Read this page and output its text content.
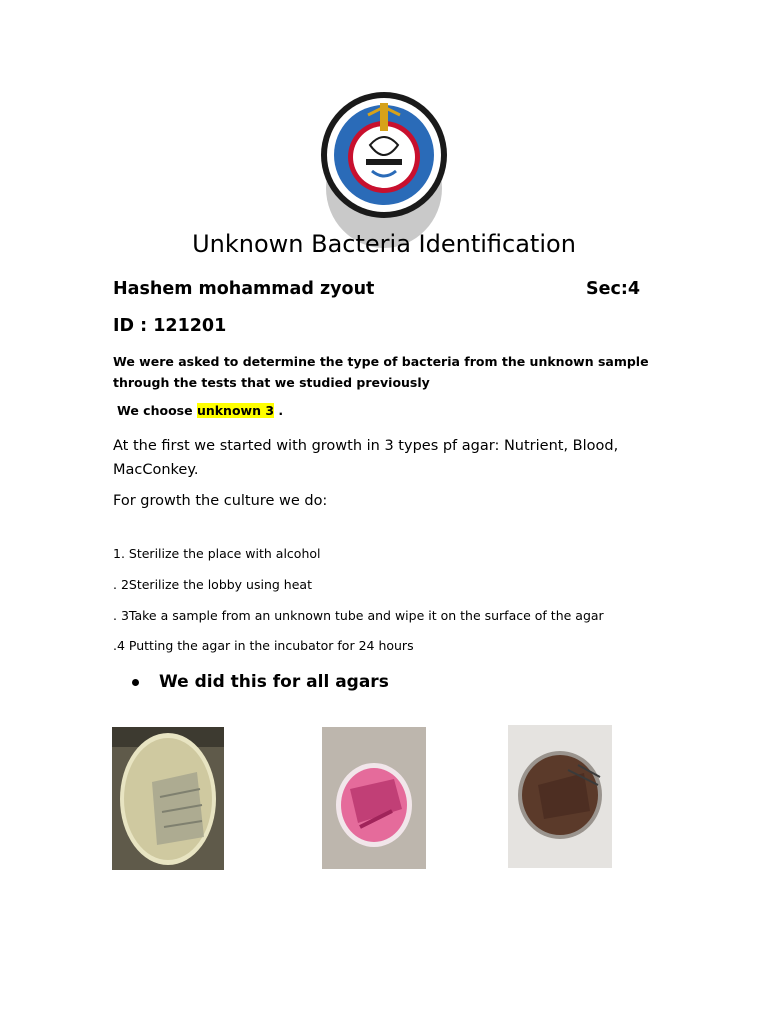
Unknown Bacteria Identification
Hashem mohammad zyout	Sec:4
ID : 121201
We were asked to determine the type of bacteria from the unknown sample through the tests that we studied previously
We choose unknown 3 .
At the first we started with growth in 3 types pf agar: Nutrient, Blood, MacConkey.
For growth the culture we do:
1. Sterilize the place with alcohol
. 2Sterilize the lobby using heat
. 3Take a sample from an unknown tube and wipe it on the surface of the agar
.4 Putting the agar in the incubator for 24 hours
We did this for all agars
